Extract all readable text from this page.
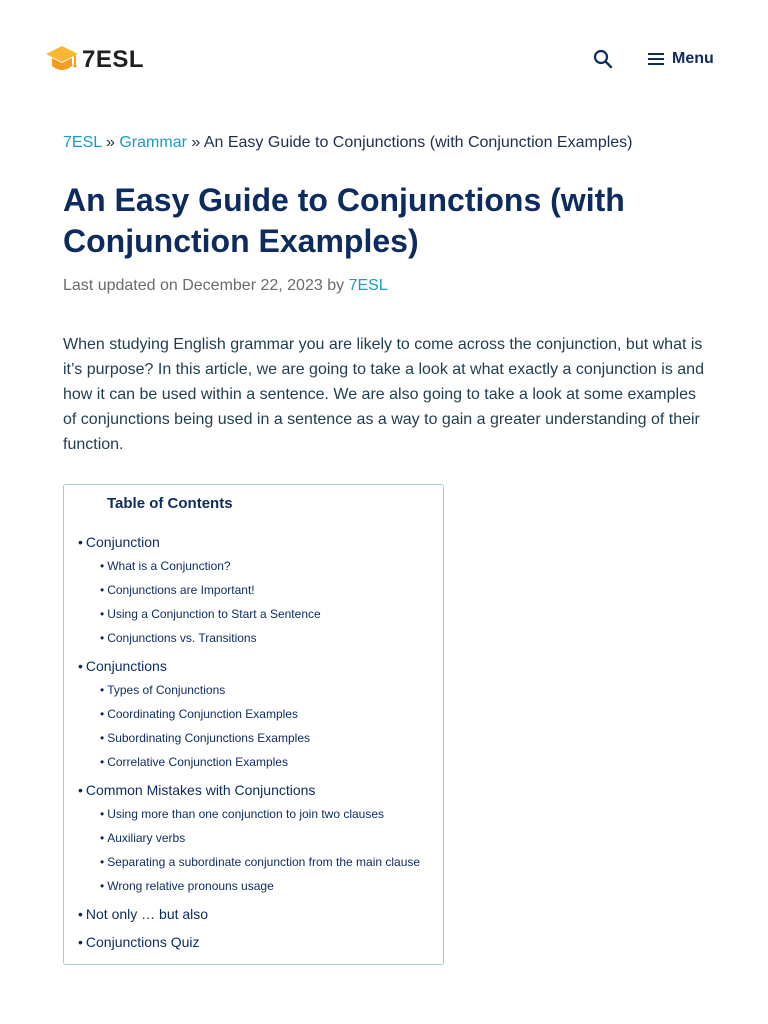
7ESL	Menu
7ESL » Grammar » An Easy Guide to Conjunctions (with Conjunction Examples)
An Easy Guide to Conjunctions (with Conjunction Examples)
Last updated on December 22, 2023 by 7ESL

When studying English grammar you are likely to come across the conjunction, but what is it’s purpose? In this article, we are going to take a look at what exactly a conjunction is and how it can be used within a sentence. We are also going to take a look at some examples of conjunctions being used in a sentence as a way to gain a greater understanding of their function.

Table of Contents
• Conjunction
• What is a Conjunction?
• Conjunctions are Important!
• Using a Conjunction to Start a Sentence
• Conjunctions vs. Transitions
• Conjunctions
• Types of Conjunctions
• Coordinating Conjunction Examples
• Subordinating Conjunctions Examples
• Correlative Conjunction Examples
• Common Mistakes with Conjunctions
• Using more than one conjunction to join two clauses
• Auxiliary verbs
• Separating a subordinate conjunction from the main clause
• Wrong relative pronouns usage
• Not only … but also
• Conjunctions Quiz
